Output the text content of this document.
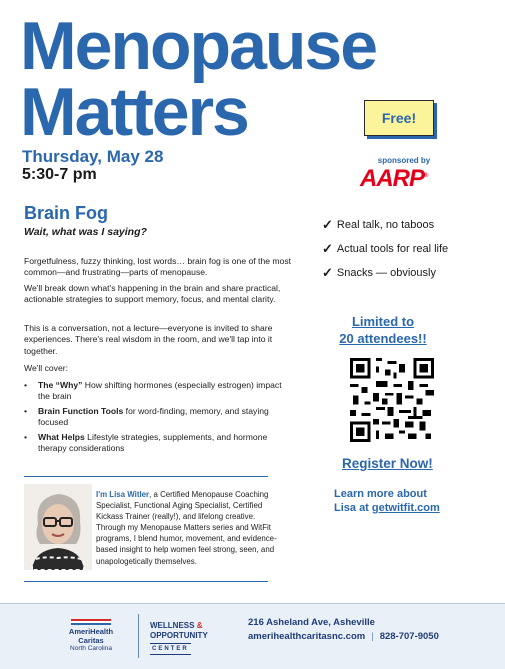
Menopause
Matters
Thursday, May 28
5:30-7 pm
Free!
sponsored by
AARP®
Brain Fog
Wait, what was I saying?

Forgetfulness, fuzzy thinking, lost words… brain fog is one of the most common—and frustrating—parts of menopause.

We'll break down what's happening in the brain and share practical, actionable strategies to support memory, focus, and mental clarity.

This is a conversation, not a lecture—everyone is invited to share experiences. There's real wisdom in the room, and we'll tap into it together.

We'll cover:

• The “Why” How shifting hormones (especially estrogen) impact the brain
• Brain Function Tools for word-finding, memory, and staying focused
• What Helps Lifestyle strategies, supplements, and hormone therapy considerations
✓ Real talk, no taboos
✓ Actual tools for real life
✓ Snacks — obviously
Limited to
20 attendees!!
Register Now!
Learn more about
Lisa at getwitfit.com

I'm Lisa Witler, a Certified Menopause Coaching Specialist, Functional Aging Specialist, Certified Kickass Trainer (really!), and lifelong creative. Through my Menopause Matters series and WitFit programs, I blend humor, movement, and evidence-based insight to help women feel strong, seen, and unapologetically themselves.

AmeriHealth Caritas
North Carolina
WELLNESS &
OPPORTUNITY
CENTER
216 Asheland Ave, Asheville
amerihealthcaritasnc.com | 828-707-9050
